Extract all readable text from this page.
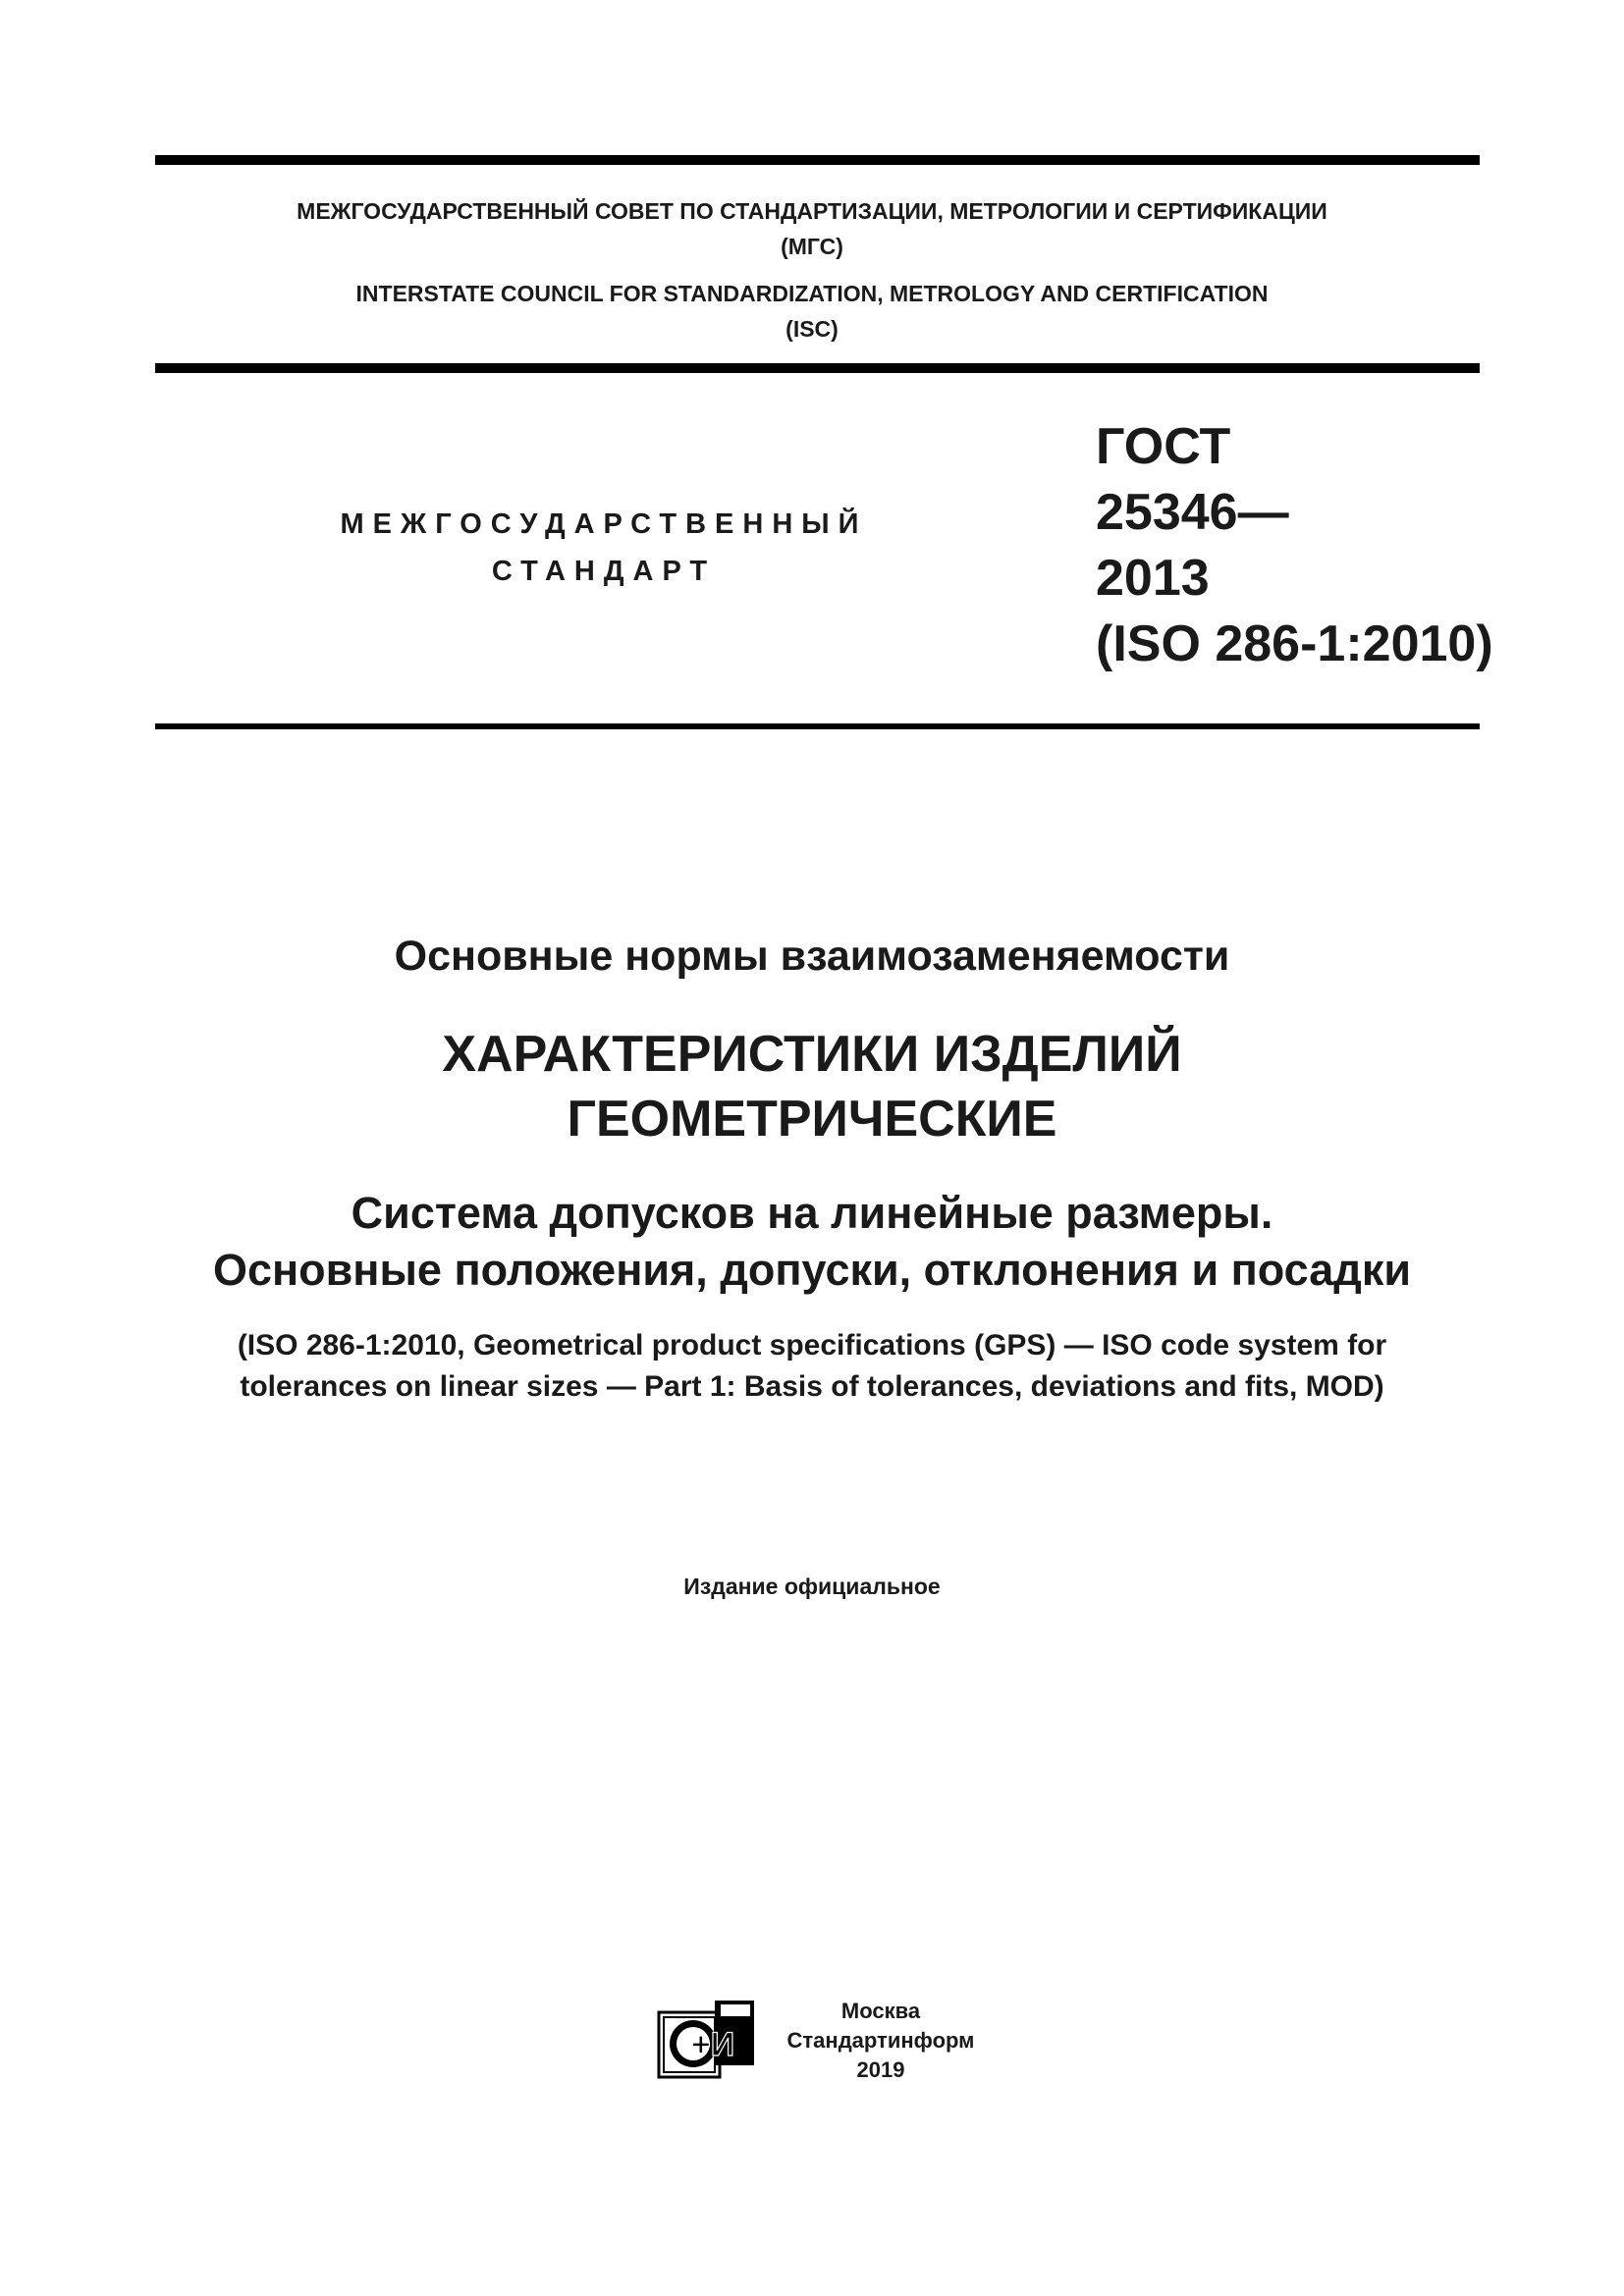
МЕЖГОСУДАРСТВЕННЫЙ СОВЕТ ПО СТАНДАРТИЗАЦИИ, МЕТРОЛОГИИ И СЕРТИФИКАЦИИ
(МГС)
INTERSTATE COUNCIL FOR STANDARDIZATION, METROLOGY AND CERTIFICATION
(ISC)
МЕЖГОСУДАРСТВЕННЫЙ
СТАНДАРТ
ГОСТ
25346—
2013
(ISO 286-1:2010)
Основные нормы взаимозаменяемости
ХАРАКТЕРИСТИКИ ИЗДЕЛИЙ
ГЕОМЕТРИЧЕСКИЕ
Система допусков на линейные размеры.
Основные положения, допуски, отклонения и посадки
(ISO 286-1:2010, Geometrical product specifications (GPS) — ISO code system for
tolerances on linear sizes — Part 1: Basis of tolerances, deviations and fits, MOD)
Издание официальное
+И
Москва
Стандартинформ
2019
